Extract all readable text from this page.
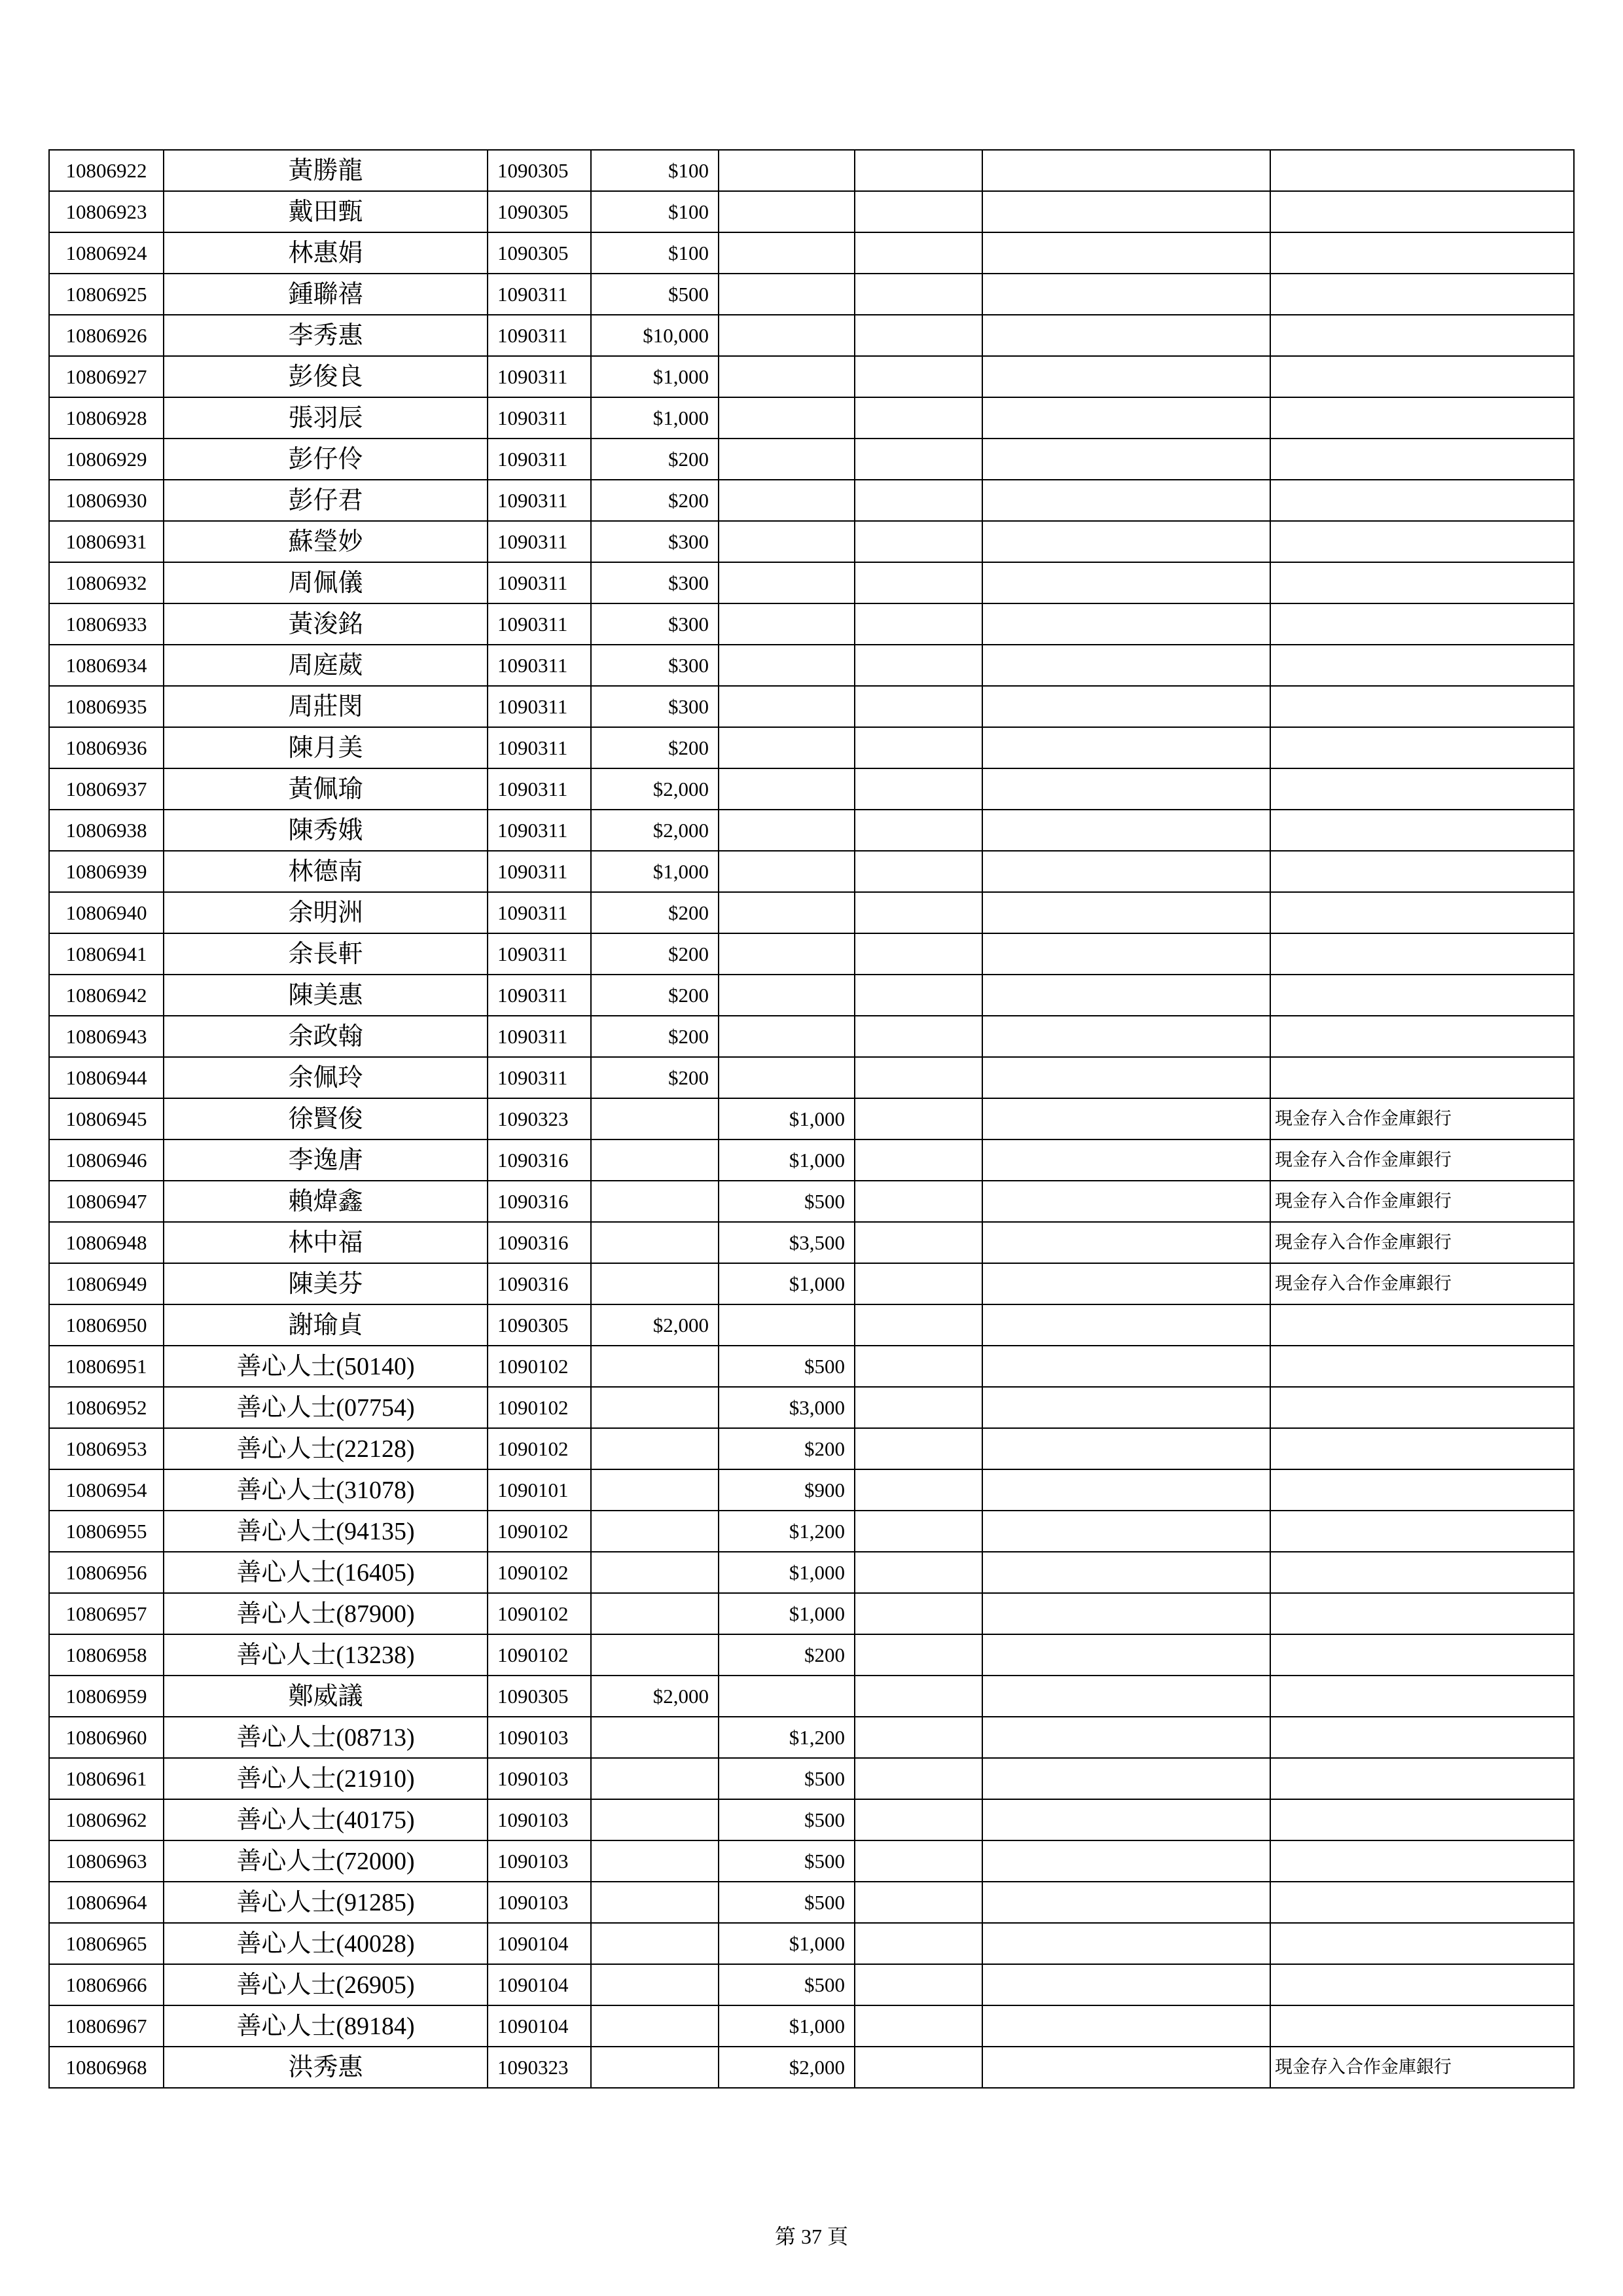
10806922	黃勝龍	1090305	$100				
10806923	戴田甄	1090305	$100				
10806924	林惠娟	1090305	$100				
10806925	鍾聯禧	1090311	$500				
10806926	李秀惠	1090311	$10,000				
10806927	彭俊良	1090311	$1,000				
10806928	張羽辰	1090311	$1,000				
10806929	彭仔伶	1090311	$200				
10806930	彭仔君	1090311	$200				
10806931	蘇瑩妙	1090311	$300				
10806932	周佩儀	1090311	$300				
10806933	黃浚銘	1090311	$300				
10806934	周庭葳	1090311	$300				
10806935	周莊閔	1090311	$300				
10806936	陳月美	1090311	$200				
10806937	黃佩瑜	1090311	$2,000				
10806938	陳秀娥	1090311	$2,000				
10806939	林德南	1090311	$1,000				
10806940	余明洲	1090311	$200				
10806941	余長軒	1090311	$200				
10806942	陳美惠	1090311	$200				
10806943	余政翰	1090311	$200				
10806944	余佩玲	1090311	$200				
10806945	徐賢俊	1090323		$1,000			現金存入合作金庫銀行
10806946	李逸唐	1090316		$1,000			現金存入合作金庫銀行
10806947	賴煒鑫	1090316		$500			現金存入合作金庫銀行
10806948	林中福	1090316		$3,500			現金存入合作金庫銀行
10806949	陳美芬	1090316		$1,000			現金存入合作金庫銀行
10806950	謝瑜貞	1090305	$2,000				
10806951	善心人士(50140)	1090102		$500			
10806952	善心人士(07754)	1090102		$3,000			
10806953	善心人士(22128)	1090102		$200			
10806954	善心人士(31078)	1090101		$900			
10806955	善心人士(94135)	1090102		$1,200			
10806956	善心人士(16405)	1090102		$1,000			
10806957	善心人士(87900)	1090102		$1,000			
10806958	善心人士(13238)	1090102		$200			
10806959	鄭威議	1090305	$2,000				
10806960	善心人士(08713)	1090103		$1,200			
10806961	善心人士(21910)	1090103		$500			
10806962	善心人士(40175)	1090103		$500			
10806963	善心人士(72000)	1090103		$500			
10806964	善心人士(91285)	1090103		$500			
10806965	善心人士(40028)	1090104		$1,000			
10806966	善心人士(26905)	1090104		$500			
10806967	善心人士(89184)	1090104		$1,000			
10806968	洪秀惠	1090323		$2,000			現金存入合作金庫銀行
第 37 頁
